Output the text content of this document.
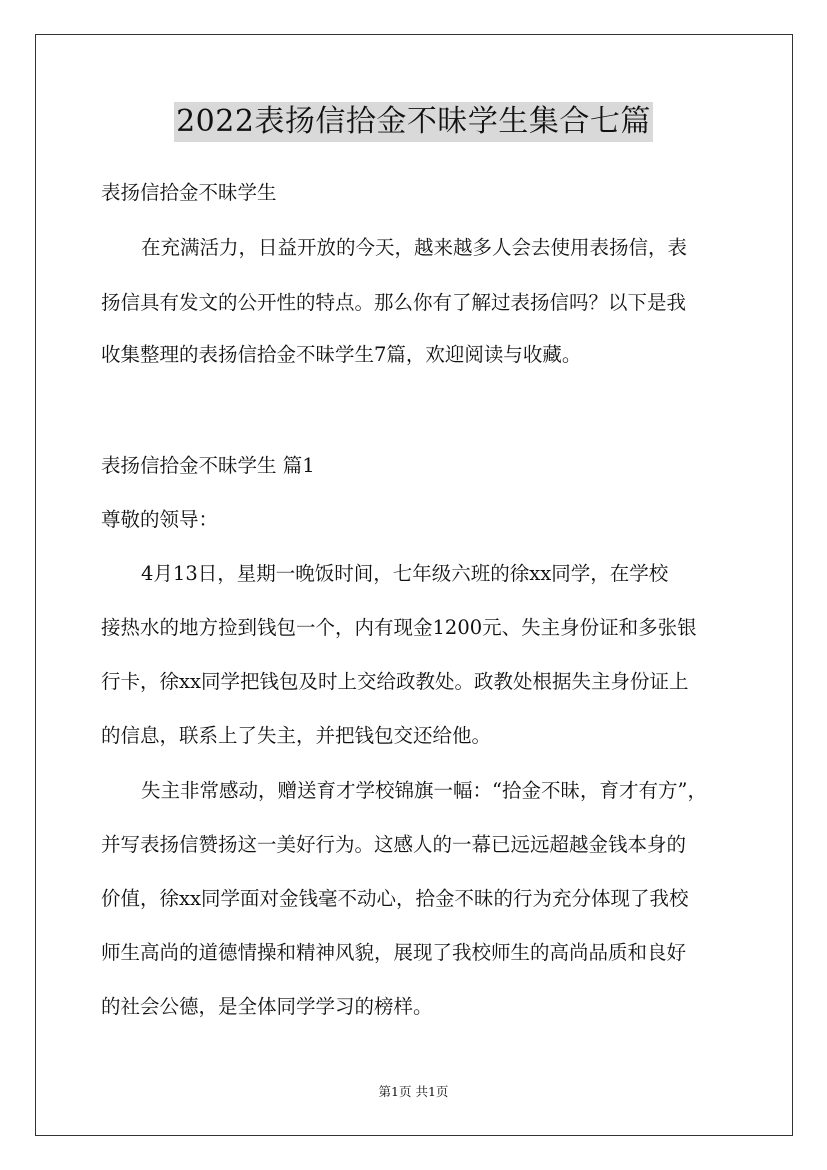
2022表扬信拾金不昧学生集合七篇
表扬信拾金不昧学生
在充满活力，日益开放的今天，越来越多人会去使用表扬信，表
扬信具有发文的公开性的特点。那么你有了解过表扬信吗？以下是我
收集整理的表扬信拾金不昧学生7篇，欢迎阅读与收藏。
表扬信拾金不昧学生 篇1
尊敬的领导：
4月13日，星期一晚饭时间，七年级六班的徐xx同学，在学校
接热水的地方捡到钱包一个，内有现金1200元、失主身份证和多张银
行卡，徐xx同学把钱包及时上交给政教处。政教处根据失主身份证上
的信息，联系上了失主，并把钱包交还给他。
失主非常感动，赠送育才学校锦旗一幅：“拾金不昧，育才有方”，
并写表扬信赞扬这一美好行为。这感人的一幕已远远超越金钱本身的
价值，徐xx同学面对金钱毫不动心，拾金不昧的行为充分体现了我校
师生高尚的道德情操和精神风貌，展现了我校师生的高尚品质和良好
的社会公德，是全体同学学习的榜样。
第1页 共1页
